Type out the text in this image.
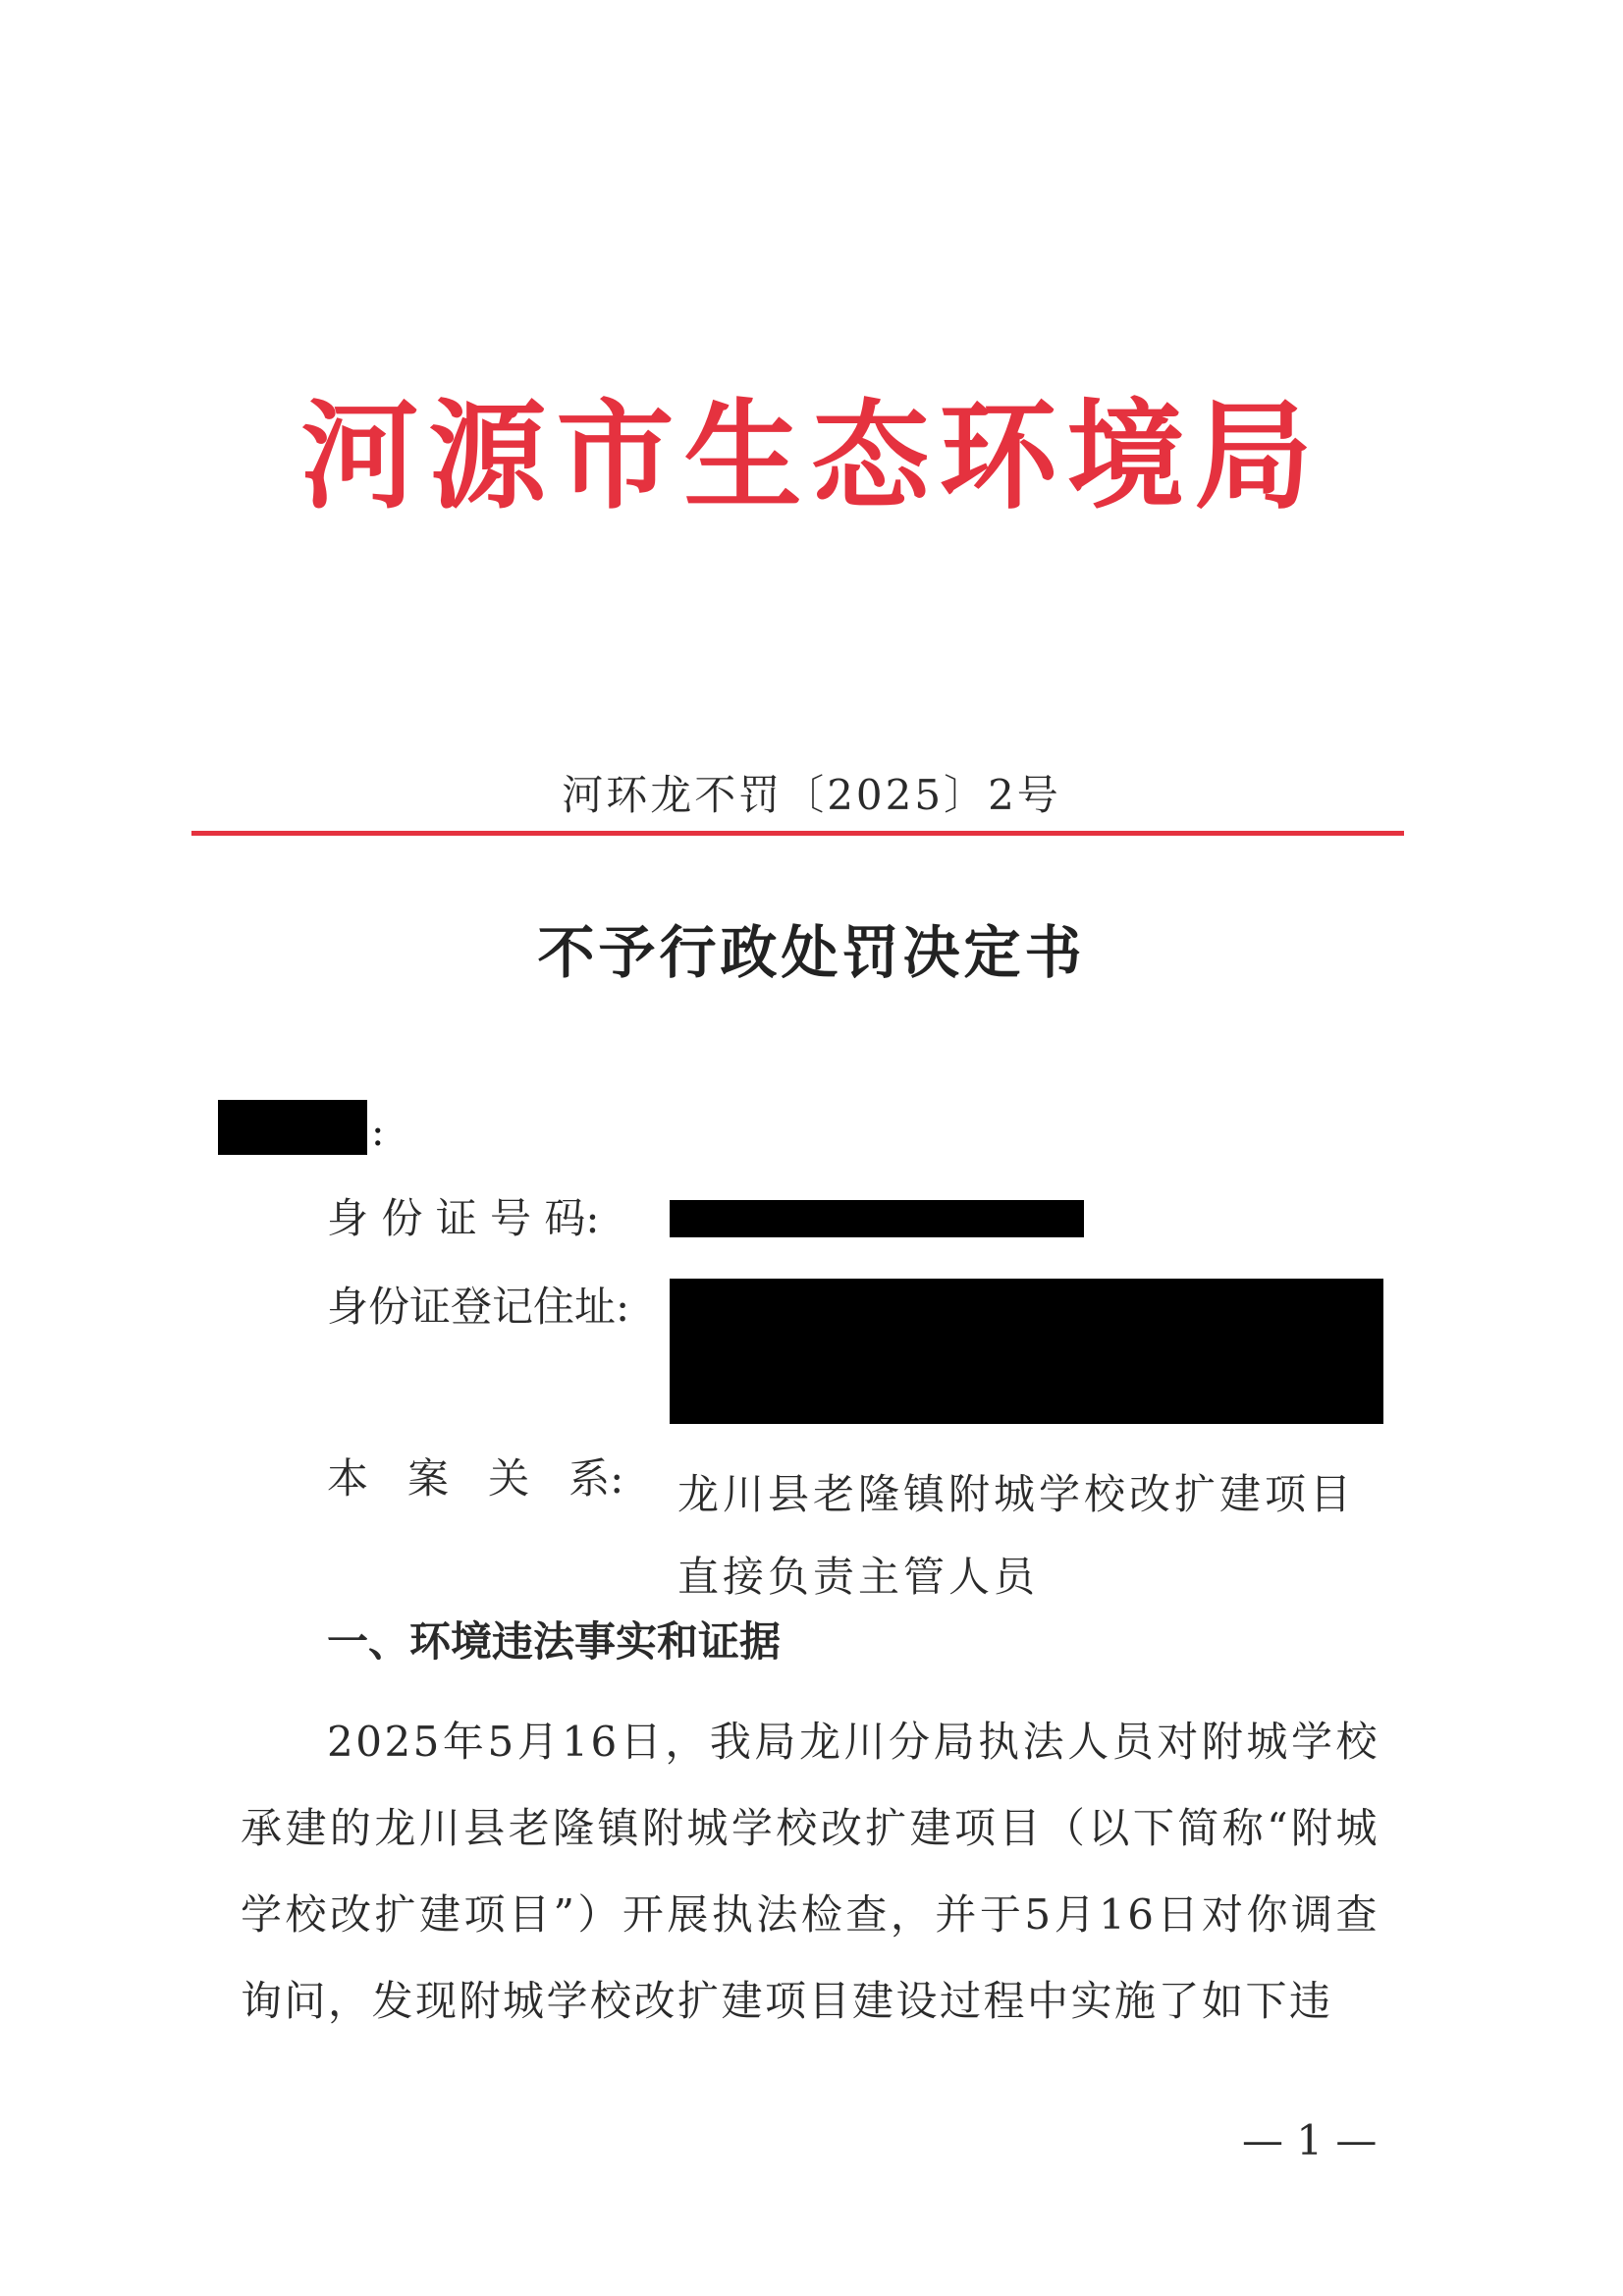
河源市生态环境局
河环龙不罚〔2025〕2号
不予行政处罚决定书
:
身 份 证 号 码:
身份证登记住址:
本   案   关   系: 龙川县老隆镇附城学校改扩建项目直接负责主管人员
一、环境违法事实和证据
2025年5月16日，我局龙川分局执法人员对附城学校承建的龙川县老隆镇附城学校改扩建项目（以下简称“附城学校改扩建项目”）开展执法检查，并于5月16日对你调查询问，发现附城学校改扩建项目建设过程中实施了如下违
— 1 —
